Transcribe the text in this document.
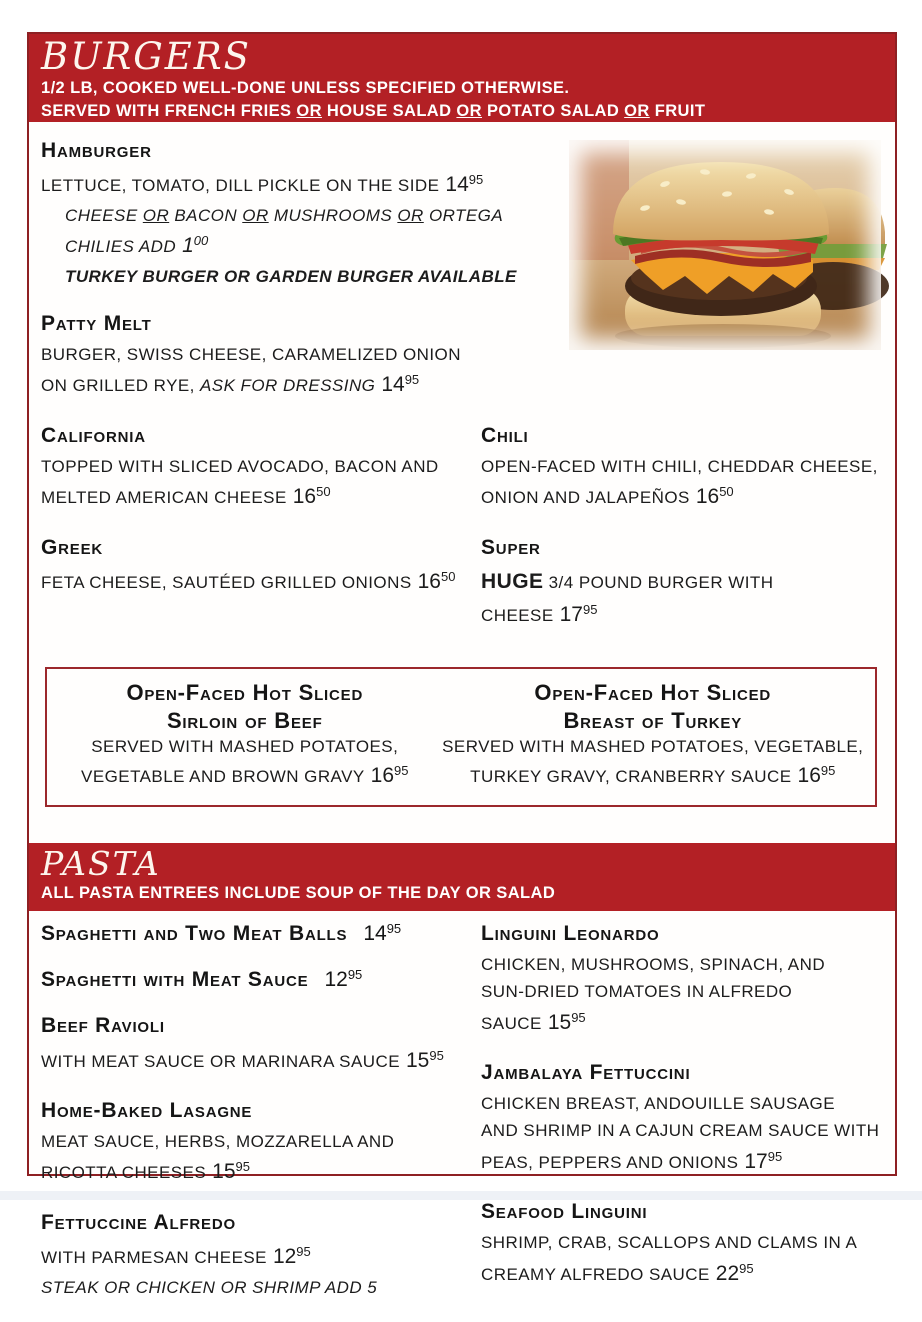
BURGERS
1/2 LB, COOKED WELL-DONE UNLESS SPECIFIED OTHERWISE.
SERVED WITH FRENCH FRIES OR HOUSE SALAD OR POTATO SALAD OR FRUIT
Hamburger

LETTUCE, TOMATO, DILL PICKLE ON THE SIDE $14^{95}$

CHEESE OR BACON OR MUSHROOMS OR ORTEGA CHILIES ADD $1^{00}$

TURKEY BURGER OR GARDEN BURGER AVAILABLE

Patty Melt

BURGER, SWISS CHEESE, CARAMELIZED ONION

ON GRILLED RYE, ASK FOR DRESSING $14^{95}$

California

TOPPED WITH SLICED AVOCADO, BACON AND

MELTED AMERICAN CHEESE $16^{50}$

Chili

OPEN-FACED WITH CHILI, CHEDDAR CHEESE,

ONION AND JALAPEÑOS $16^{50}$

Greek

FETA CHEESE, SAUTÉED GRILLED ONIONS $16^{50}$

Super

HUGE 3/4 POUND BURGER WITH CHEESE $17^{95}$

Open-Faced Hot Sliced
Sirloin of Beef

SERVED WITH MASHED POTATOES,

VEGETABLE AND BROWN GRAVY $16^{95}$

Open-Faced Hot Sliced
Breast of Turkey

SERVED WITH MASHED POTATOES, VEGETABLE,

TURKEY GRAVY, CRANBERRY SAUCE $16^{95}$

PASTA
ALL PASTA ENTREES INCLUDE SOUP OF THE DAY OR SALAD
Spaghetti and Two Meat Balls $14^{95}$
Spaghetti with Meat Sauce $12^{95}$
Beef Ravioli

WITH MEAT SAUCE OR MARINARA SAUCE $15^{95}$

Home-Baked Lasagne

MEAT SAUCE, HERBS, MOZZARELLA AND

RICOTTA CHEESES $15^{95}$

Fettuccine Alfredo

WITH PARMESAN CHEESE $12^{95}$

STEAK OR CHICKEN OR SHRIMP ADD 5

Linguini Leonardo

CHICKEN, MUSHROOMS, SPINACH, AND

SUN-DRIED TOMATOES IN ALFREDO SAUCE $15^{95}$

Jambalaya Fettuccini

CHICKEN BREAST, ANDOUILLE SAUSAGE

AND SHRIMP IN A CAJUN CREAM SAUCE WITH

PEAS, PEPPERS AND ONIONS $17^{95}$

Seafood Linguini

SHRIMP, CRAB, SCALLOPS AND CLAMS IN A

CREAMY ALFREDO SAUCE $22^{95}$
